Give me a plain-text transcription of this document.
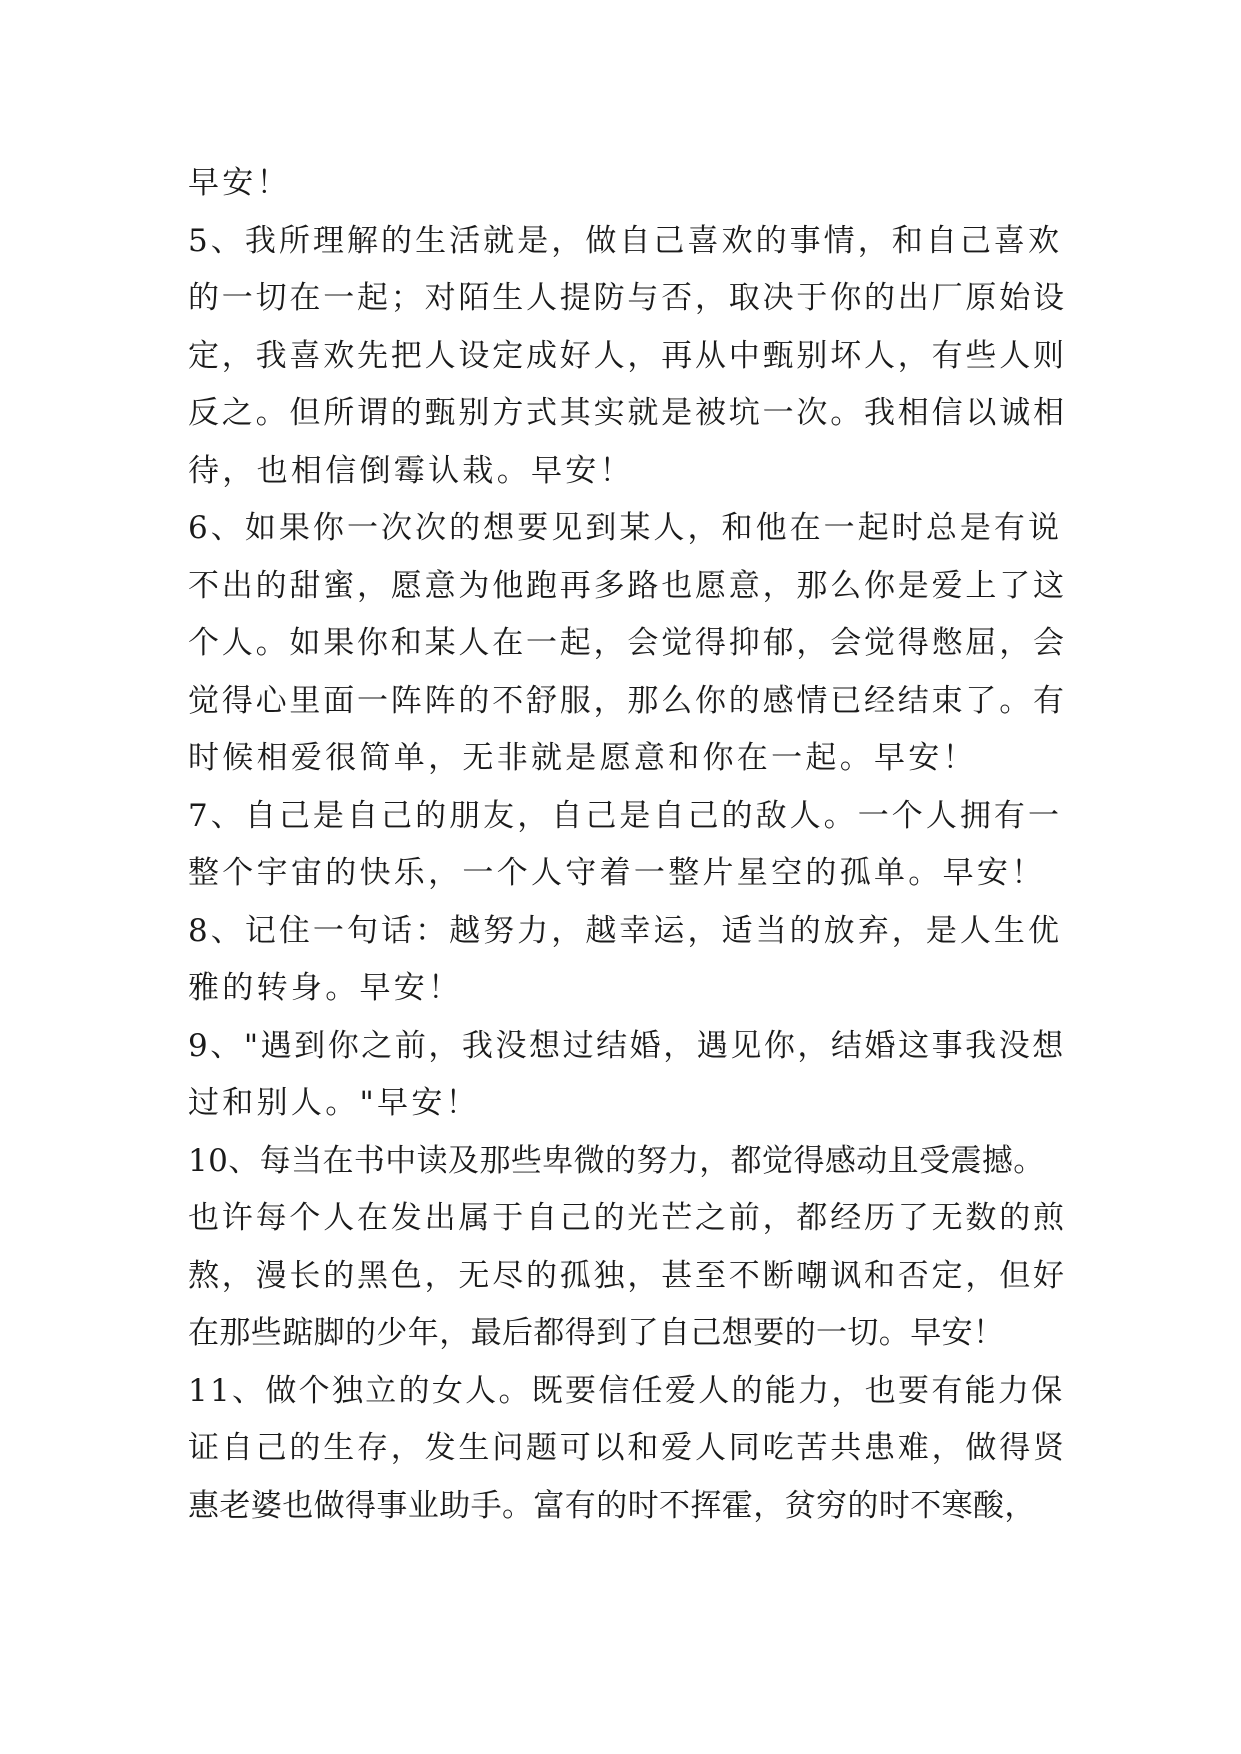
早安！
5、我所理解的生活就是，做自己喜欢的事情，和自己喜欢
的一切在一起；对陌生人提防与否，取决于你的出厂原始设
定，我喜欢先把人设定成好人，再从中甄别坏人，有些人则
反之。但所谓的甄别方式其实就是被坑一次。我相信以诚相
待，也相信倒霉认栽。早安！
6、如果你一次次的想要见到某人，和他在一起时总是有说
不出的甜蜜，愿意为他跑再多路也愿意，那么你是爱上了这
个人。如果你和某人在一起，会觉得抑郁，会觉得憋屈，会
觉得心里面一阵阵的不舒服，那么你的感情已经结束了。有
时候相爱很简单，无非就是愿意和你在一起。早安！
7、自己是自己的朋友，自己是自己的敌人。一个人拥有一
整个宇宙的快乐，一个人守着一整片星空的孤单。早安！
8、记住一句话：越努力，越幸运，适当的放弃，是人生优
雅的转身。早安！
9、"遇到你之前，我没想过结婚，遇见你，结婚这事我没想
过和别人。"早安！
10、每当在书中读及那些卑微的努力，都觉得感动且受震撼。
也许每个人在发出属于自己的光芒之前，都经历了无数的煎
熬，漫长的黑色，无尽的孤独，甚至不断嘲讽和否定，但好
在那些踮脚的少年，最后都得到了自己想要的一切。早安！
11、做个独立的女人。既要信任爱人的能力，也要有能力保
证自己的生存，发生问题可以和爱人同吃苦共患难，做得贤
惠老婆也做得事业助手。富有的时不挥霍，贫穷的时不寒酸，
